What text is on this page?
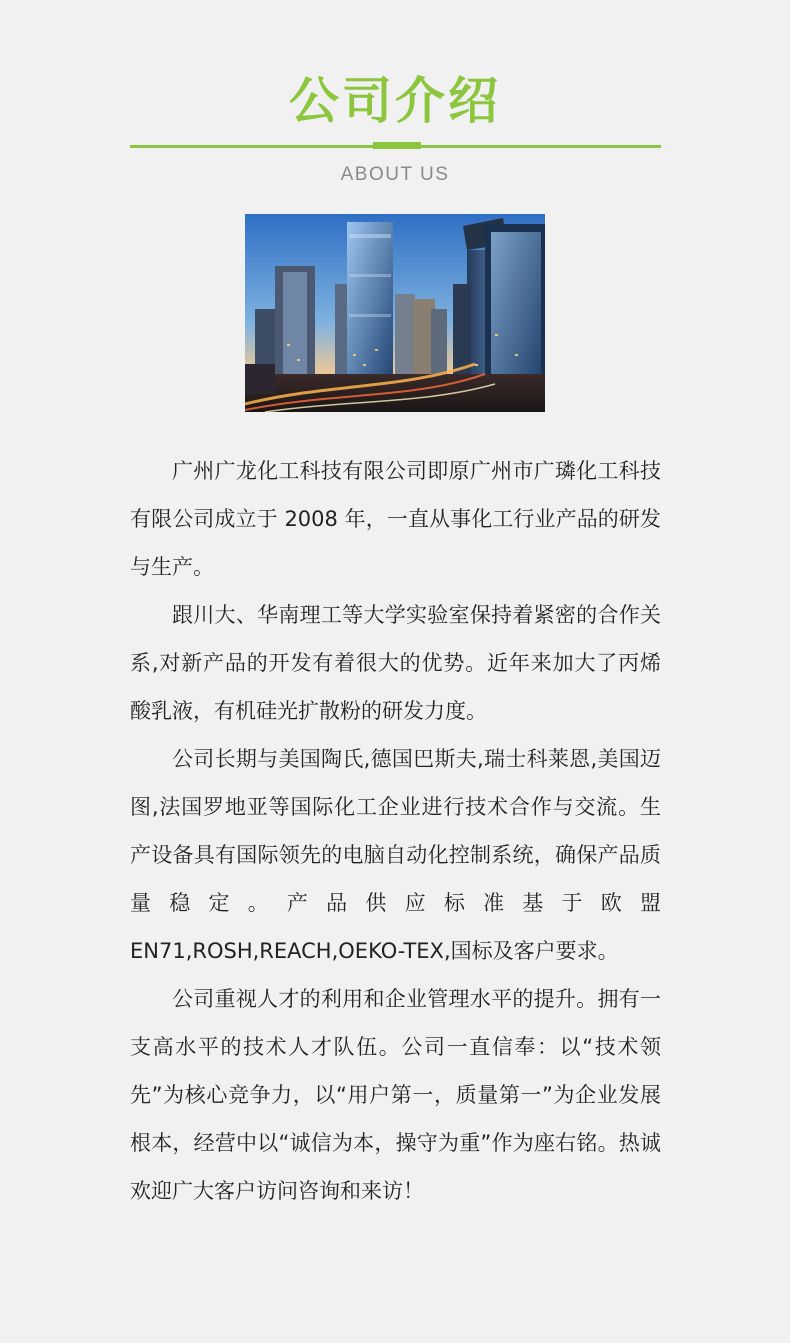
公司介绍
ABOUT US

广州广龙化工科技有限公司即原广州市广璘化工科技有限公司成立于 2008 年，一直从事化工行业产品的研发与生产。

跟川大、华南理工等大学实验室保持着紧密的合作关系,对新产品的开发有着很大的优势。近年来加大了丙烯酸乳液，有机硅光扩散粉的研发力度。

公司长期与美国陶氏,德国巴斯夫,瑞士科莱恩,美国迈图,法国罗地亚等国际化工企业进行技术合作与交流。生产设备具有国际领先的电脑自动化控制系统，确保产品质量稳定。产品供应标准基于欧盟EN71,ROSH,REACH,OEKO-TEX,国标及客户要求。

公司重视人才的利用和企业管理水平的提升。拥有一支高水平的技术人才队伍。公司一直信奉：以“技术领先”为核心竞争力，以“用户第一，质量第一”为企业发展根本，经营中以“诚信为本，操守为重”作为座右铭。热诚欢迎广大客户访问咨询和来访！
